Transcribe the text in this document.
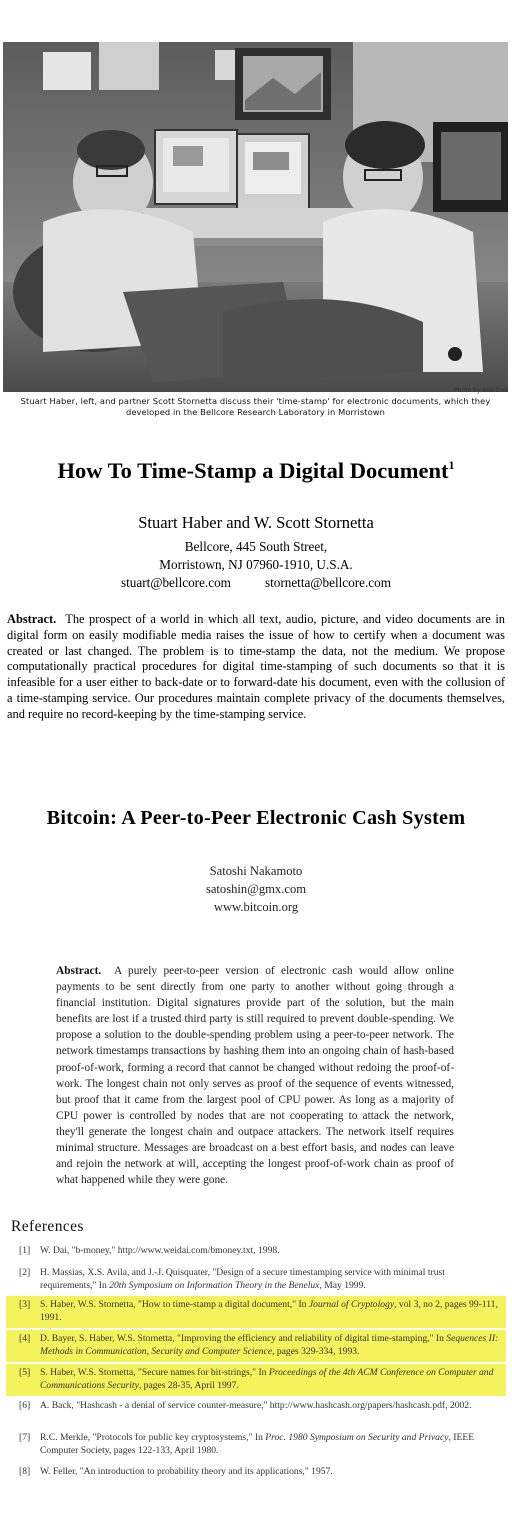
Photo by Bob Ono
Stuart Haber, left, and partner Scott Stornetta discuss their 'time-stamp' for electronic documents, which they
developed in the Bellcore Research Laboratory in Morristown
How To Time-Stamp a Digital Document$^1$
Stuart Haber and W. Scott Stornetta
Bellcore, 445 South Street,
Morristown, NJ 07960-1910, U.S.A.
stuart@bellcore.com	stornetta@bellcore.com
Abstract. The prospect of a world in which all text, audio, picture, and video documents are in digital form on easily modifiable media raises the issue of how to certify when a document was created or last changed. The problem is to time-stamp the data, not the medium. We propose computationally practical procedures for digital time-stamping of such documents so that it is infeasible for a user either to back-date or to forward-date his document, even with the collusion of a time-stamping service. Our procedures maintain complete privacy of the documents themselves, and require no record-keeping by the time-stamping service.
Bitcoin: A Peer-to-Peer Electronic Cash System
Satoshi Nakamoto
satoshin@gmx.com
www.bitcoin.org
Abstract. A purely peer-to-peer version of electronic cash would allow online payments to be sent directly from one party to another without going through a financial institution. Digital signatures provide part of the solution, but the main benefits are lost if a trusted third party is still required to prevent double-spending. We propose a solution to the double-spending problem using a peer-to-peer network. The network timestamps transactions by hashing them into an ongoing chain of hash-based proof-of-work, forming a record that cannot be changed without redoing the proof-of-work. The longest chain not only serves as proof of the sequence of events witnessed, but proof that it came from the largest pool of CPU power. As long as a majority of CPU power is controlled by nodes that are not cooperating to attack the network, they'll generate the longest chain and outpace attackers. The network itself requires minimal structure. Messages are broadcast on a best effort basis, and nodes can leave and rejoin the network at will, accepting the longest proof-of-work chain as proof of what happened while they were gone.
References
[1]	W. Dai, "b-money," http://www.weidai.com/bmoney.txt, 1998.
[2]	H. Massias, X.S. Avila, and J.-J. Quisquater, "Design of a secure timestamping service with minimal trust requirements," In 20th Symposium on Information Theory in the Benelux, May 1999.
[3]	S. Haber, W.S. Stornetta, "How to time-stamp a digital document," In Journal of Cryptology, vol 3, no 2, pages 99-111, 1991.
[4]	D. Bayer, S. Haber, W.S. Stornetta, "Improving the efficiency and reliability of digital time-stamping," In Sequences II: Methods in Communication, Security and Computer Science, pages 329-334, 1993.
[5]	S. Haber, W.S. Stornetta, "Secure names for bit-strings," In Proceedings of the 4th ACM Conference on Computer and Communications Security, pages 28-35, April 1997.
[6]	A. Back, "Hashcash - a denial of service counter-measure," http://www.hashcash.org/papers/hashcash.pdf, 2002.
[7]	R.C. Merkle, "Protocols for public key cryptosystems," In Proc. 1980 Symposium on Security and Privacy, IEEE Computer Society, pages 122-133, April 1980.
[8]	W. Feller, "An introduction to probability theory and its applications," 1957.
